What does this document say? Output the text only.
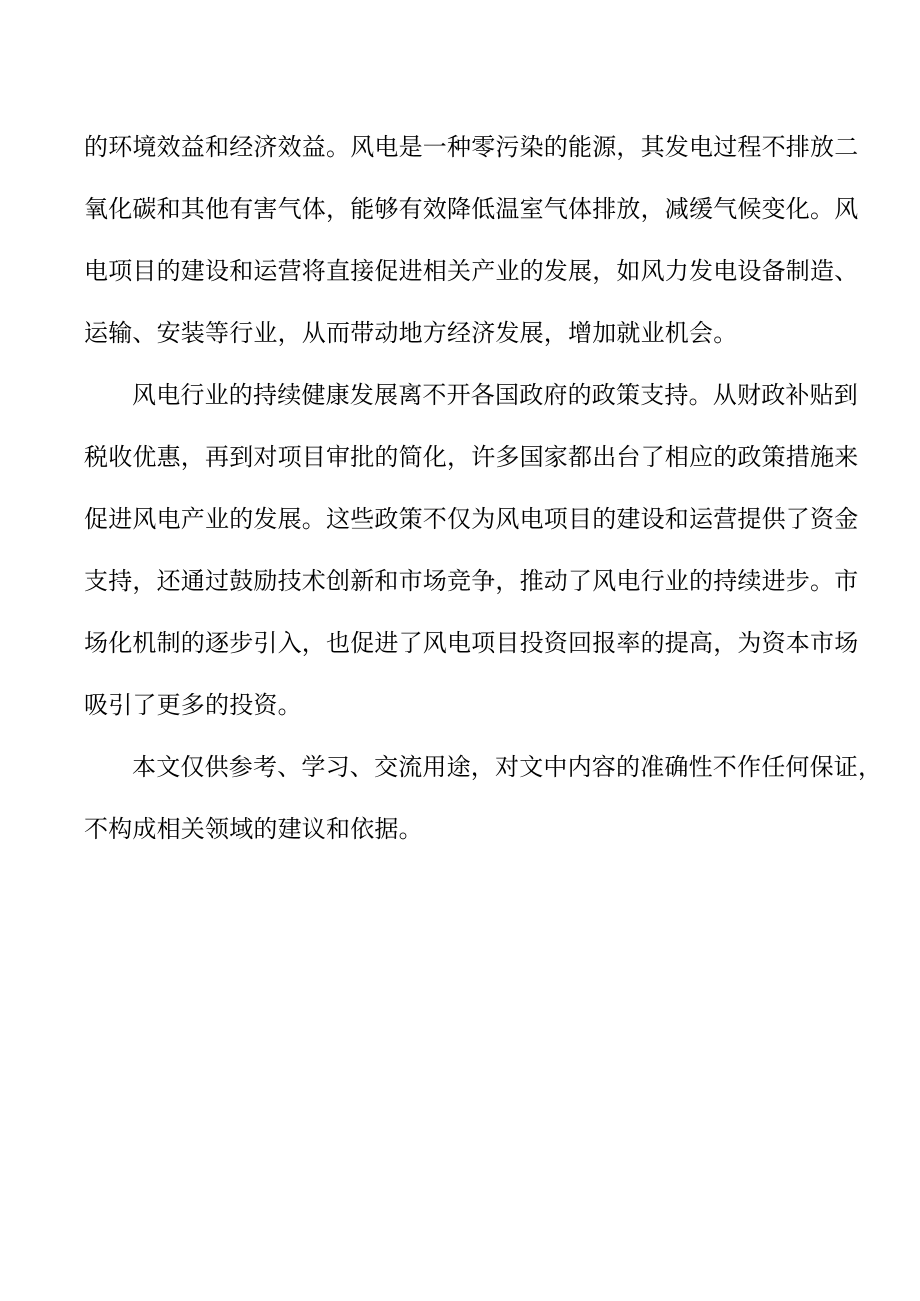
的环境效益和经济效益。风电是一种零污染的能源，其发电过程不排放二

氧化碳和其他有害气体，能够有效降低温室气体排放，减缓气候变化。风

电项目的建设和运营将直接促进相关产业的发展，如风力发电设备制造、

运输、安装等行业，从而带动地方经济发展，增加就业机会。

风电行业的持续健康发展离不开各国政府的政策支持。从财政补贴到

税收优惠，再到对项目审批的简化，许多国家都出台了相应的政策措施来

促进风电产业的发展。这些政策不仅为风电项目的建设和运营提供了资金

支持，还通过鼓励技术创新和市场竞争，推动了风电行业的持续进步。市

场化机制的逐步引入，也促进了风电项目投资回报率的提高，为资本市场

吸引了更多的投资。

本文仅供参考、学习、交流用途，对文中内容的准确性不作任何保证，

不构成相关领域的建议和依据。
